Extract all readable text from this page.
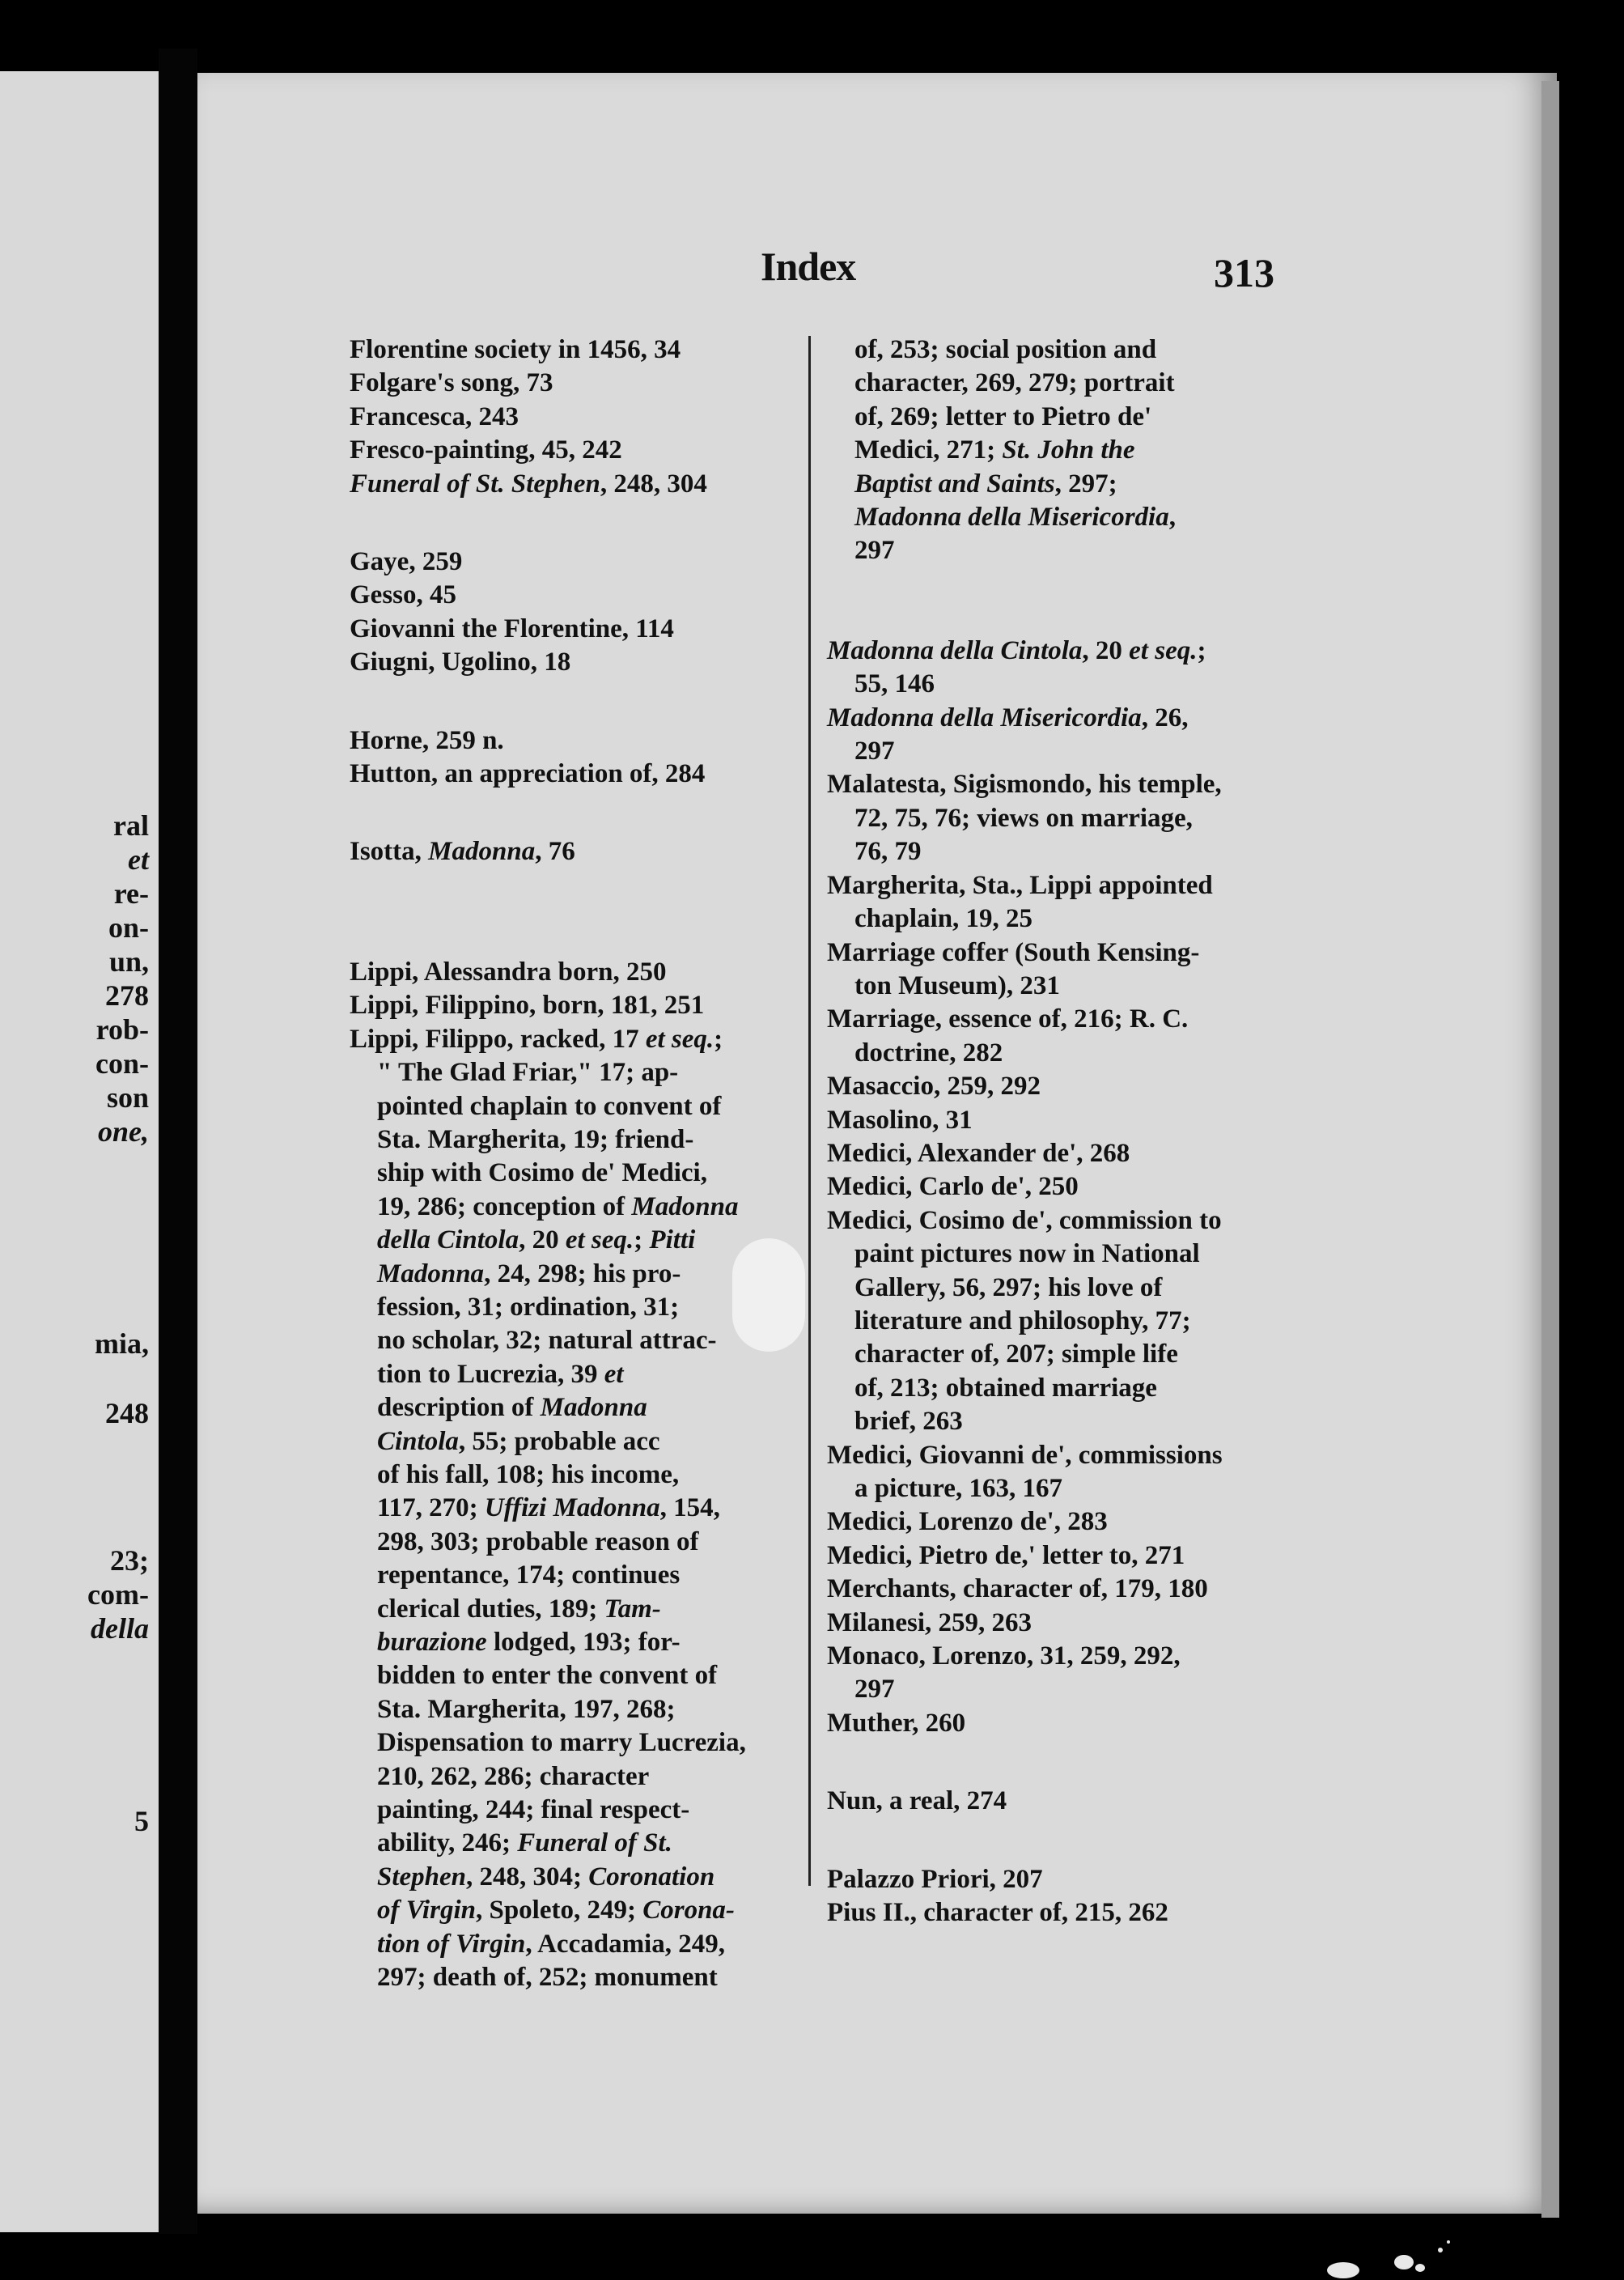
ral
et
re-
on-
un,
278
rob-
con-
son
one,
mia,
248
23;
com-
della
5
Index	313
Florentine society in 1456, 34
Folgare's song, 73
Francesca, 243
Fresco-painting, 45, 242
Funeral of St. Stephen, 248, 304
Gaye, 259
Gesso, 45
Giovanni the Florentine, 114
Giugni, Ugolino, 18
Horne, 259 n.
Hutton, an appreciation of, 284
Isotta, Madonna, 76
Lippi, Alessandra born, 250
Lippi, Filippino, born, 181, 251
Lippi, Filippo, racked, 17 et seq.;
" The Glad Friar," 17; ap-
pointed chaplain to convent of
Sta. Margherita, 19; friend-
ship with Cosimo de' Medici,
19, 286; conception of Madonna
della Cintola, 20 et seq.; Pitti
Madonna, 24, 298; his pro-
fession, 31; ordination, 31;
no scholar, 32; natural attrac-
tion to Lucrezia, 39 et
description of Madonna
Cintola, 55; probable acc
of his fall, 108; his income,
117, 270; Uffizi Madonna, 154,
298, 303; probable reason of
repentance, 174; continues
clerical duties, 189; Tam-
burazione lodged, 193; for-
bidden to enter the convent of
Sta. Margherita, 197, 268;
Dispensation to marry Lucrezia,
210, 262, 286; character
painting, 244; final respect-
ability, 246; Funeral of St.
Stephen, 248, 304; Coronation
of Virgin, Spoleto, 249; Corona-
tion of Virgin, Accadamia, 249,
297; death of, 252; monument
of, 253; social position and
character, 269, 279; portrait
of, 269; letter to Pietro de'
Medici, 271; St. John the
Baptist and Saints, 297;
Madonna della Misericordia,
297
Madonna della Cintola, 20 et seq.;
55, 146
Madonna della Misericordia, 26,
297
Malatesta, Sigismondo, his temple,
72, 75, 76; views on marriage,
76, 79
Margherita, Sta., Lippi appointed
chaplain, 19, 25
Marriage coffer (South Kensing-
ton Museum), 231
Marriage, essence of, 216; R. C.
doctrine, 282
Masaccio, 259, 292
Masolino, 31
Medici, Alexander de', 268
Medici, Carlo de', 250
Medici, Cosimo de', commission to
paint pictures now in National
Gallery, 56, 297; his love of
literature and philosophy, 77;
character of, 207; simple life
of, 213; obtained marriage
brief, 263
Medici, Giovanni de', commissions
a picture, 163, 167
Medici, Lorenzo de', 283
Medici, Pietro de,' letter to, 271
Merchants, character of, 179, 180
Milanesi, 259, 263
Monaco, Lorenzo, 31, 259, 292,
297
Muther, 260
Nun, a real, 274
Palazzo Priori, 207
Pius II., character of, 215, 262
